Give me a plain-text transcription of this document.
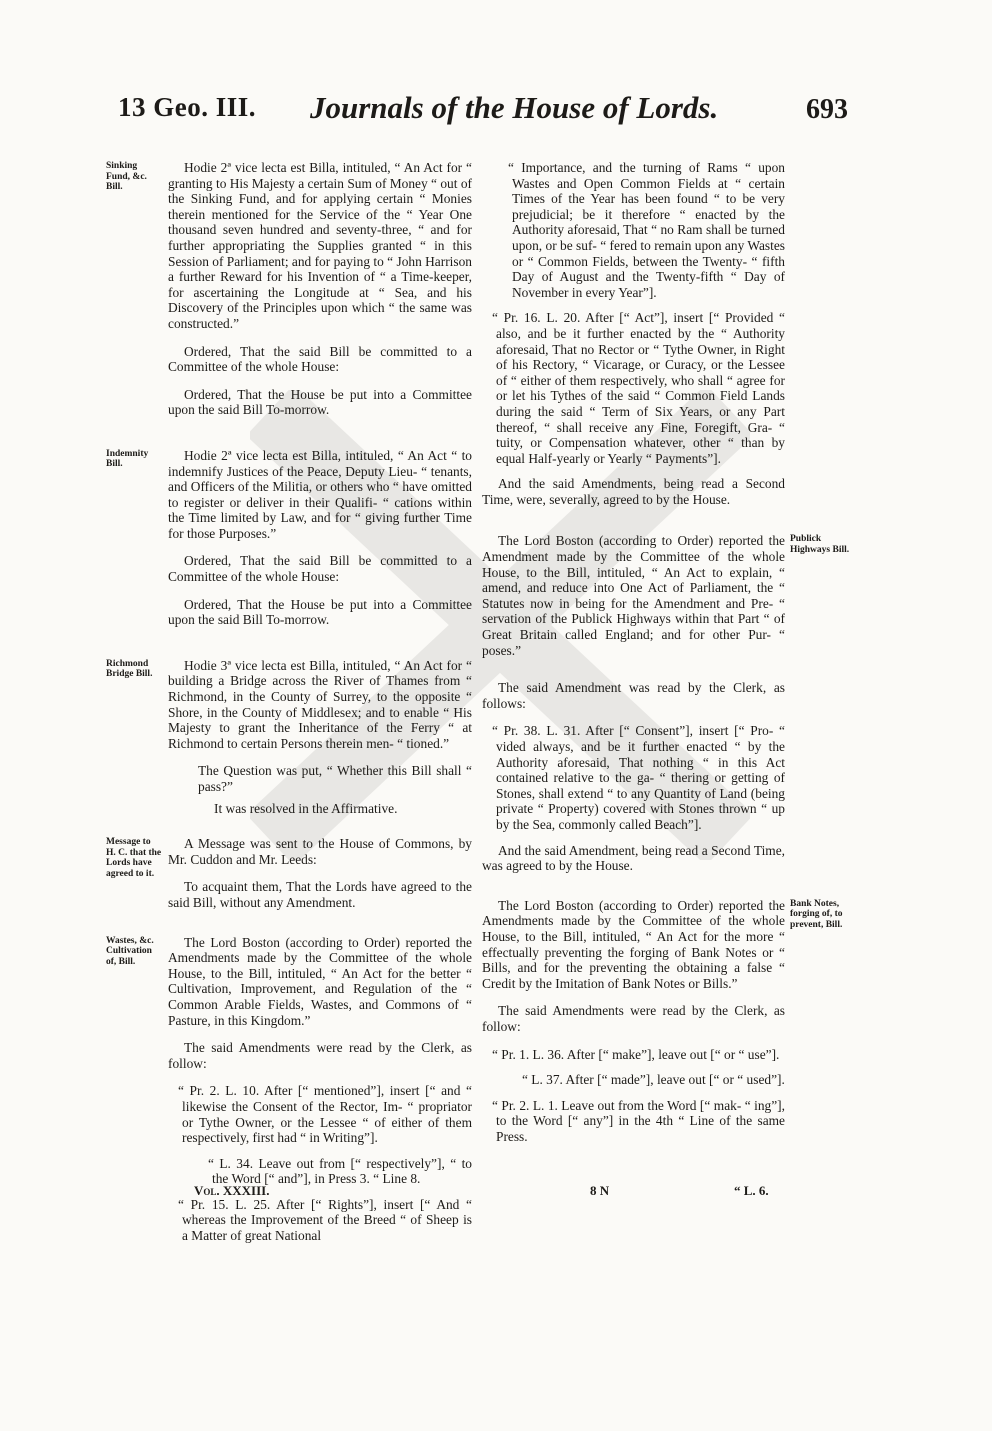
13 Geo. III. Journals of the House of Lords.	693
Sinking Fund, &c. Bill.

Hodie 2ª vice lecta est Billa, intituled, “ An Act for “ granting to His Majesty a certain Sum of Money “ out of the Sinking Fund, and for applying certain “ Monies therein mentioned for the Service of the “ Year One thousand seven hundred and seventy-three, “ and for further appropriating the Supplies granted “ in this Session of Parliament; and for paying to “ John Harrison a further Reward for his Invention of “ a Time-keeper, for ascertaining the Longitude at “ Sea, and his Discovery of the Principles upon which “ the same was constructed.”

Ordered, That the said Bill be committed to a Committee of the whole House:

Ordered, That the House be put into a Committee upon the said Bill To-morrow.

Indemnity Bill.

Hodie 2ª vice lecta est Billa, intituled, “ An Act “ to indemnify Justices of the Peace, Deputy Lieu- “ tenants, and Officers of the Militia, or others who “ have omitted to register or deliver in their Qualifi- “ cations within the Time limited by Law, and for “ giving further Time for those Purposes.”

Ordered, That the said Bill be committed to a Committee of the whole House:

Ordered, That the House be put into a Committee upon the said Bill To-morrow.

Richmond Bridge Bill.

Hodie 3ª vice lecta est Billa, intituled, “ An Act for “ building a Bridge across the River of Thames from “ Richmond, in the County of Surrey, to the opposite “ Shore, in the County of Middlesex; and to enable “ His Majesty to grant the Inheritance of the Ferry “ at Richmond to certain Persons therein men- “ tioned.”

The Question was put, “ Whether this Bill shall “ pass?”
It was resolved in the Affirmative.
Message to H. C. that the Lords have agreed to it.

A Message was sent to the House of Commons, by Mr. Cuddon and Mr. Leeds:

To acquaint them, That the Lords have agreed to the said Bill, without any Amendment.

Wastes, &c. Cultivation of, Bill.

The Lord Boston (according to Order) reported the Amendments made by the Committee of the whole House, to the Bill, intituled, “ An Act for the better “ Cultivation, Improvement, and Regulation of the “ Common Arable Fields, Wastes, and Commons of “ Pasture, in this Kingdom.”

The said Amendments were read by the Clerk, as follow:

“ Pr. 2. L. 10. After [“ mentioned”], insert [“ and “ likewise the Consent of the Rector, Im- “ propriator or Tythe Owner, or the Lessee “ of either of them respectively, first had “ in Writing”].
“ L. 34. Leave out from [“ respectively”], “ to the Word [“ and”], in Press 3. “ Line 8.
“ Pr. 15. L. 25. After [“ Rights”], insert [“ And “ whereas the Improvement of the Breed “ of Sheep is a Matter of great National
“ Importance, and the turning of Rams “ upon Wastes and Open Common Fields at “ certain Times of the Year has been found “ to be very prejudicial; be it therefore “ enacted by the Authority aforesaid, That “ no Ram shall be turned upon, or be suf- “ fered to remain upon any Wastes or “ Common Fields, between the Twenty- “ fifth Day of August and the Twenty-fifth “ Day of November in every Year”].
“ Pr. 16. L. 20. After [“ Act”], insert [“ Provided “ also, and be it further enacted by the “ Authority aforesaid, That no Rector or “ Tythe Owner, in Right of his Rectory, “ Vicarage, or Curacy, or the Lessee of “ either of them respectively, who shall “ agree for or let his Tythes of the said “ Common Field Lands during the said “ Term of Six Years, or any Part thereof, “ shall receive any Fine, Foregift, Gra- “ tuity, or Compensation whatever, other “ than by equal Half-yearly or Yearly “ Payments”].

And the said Amendments, being read a Second Time, were, severally, agreed to by the House.

Publick Highways Bill.

The Lord Boston (according to Order) reported the Amendment made by the Committee of the whole House, to the Bill, intituled, “ An Act to explain, “ amend, and reduce into One Act of Parliament, the “ Statutes now in being for the Amendment and Pre- “ servation of the Publick Highways within that Part “ of Great Britain called England; and for other Pur- “ poses.”

The said Amendment was read by the Clerk, as follows:

“ Pr. 38. L. 31. After [“ Consent”], insert [“ Pro- “ vided always, and be it further enacted “ by the Authority aforesaid, That nothing “ in this Act contained relative to the ga- “ thering or getting of Stones, shall extend “ to any Quantity of Land (being private “ Property) covered with Stones thrown “ up by the Sea, commonly called Beach”].

And the said Amendment, being read a Second Time, was agreed to by the House.

Bank Notes, forging of, to prevent, Bill.

The Lord Boston (according to Order) reported the Amendments made by the Committee of the whole House, to the Bill, intituled, “ An Act for the more “ effectually preventing the forging of Bank Notes or “ Bills, and for the preventing the obtaining a false “ Credit by the Imitation of Bank Notes or Bills.”

The said Amendments were read by the Clerk, as follow:

“ Pr. 1. L. 36. After [“ make”], leave out [“ or “ use”].
“ L. 37. After [“ made”], leave out [“ or “ used”].
“ Pr. 2. L. 1. Leave out from the Word [“ mak- “ ing”], to the Word [“ any”] in the 4th “ Line of the same Press.
Vol. XXXIII.	8 N	“ L. 6.
